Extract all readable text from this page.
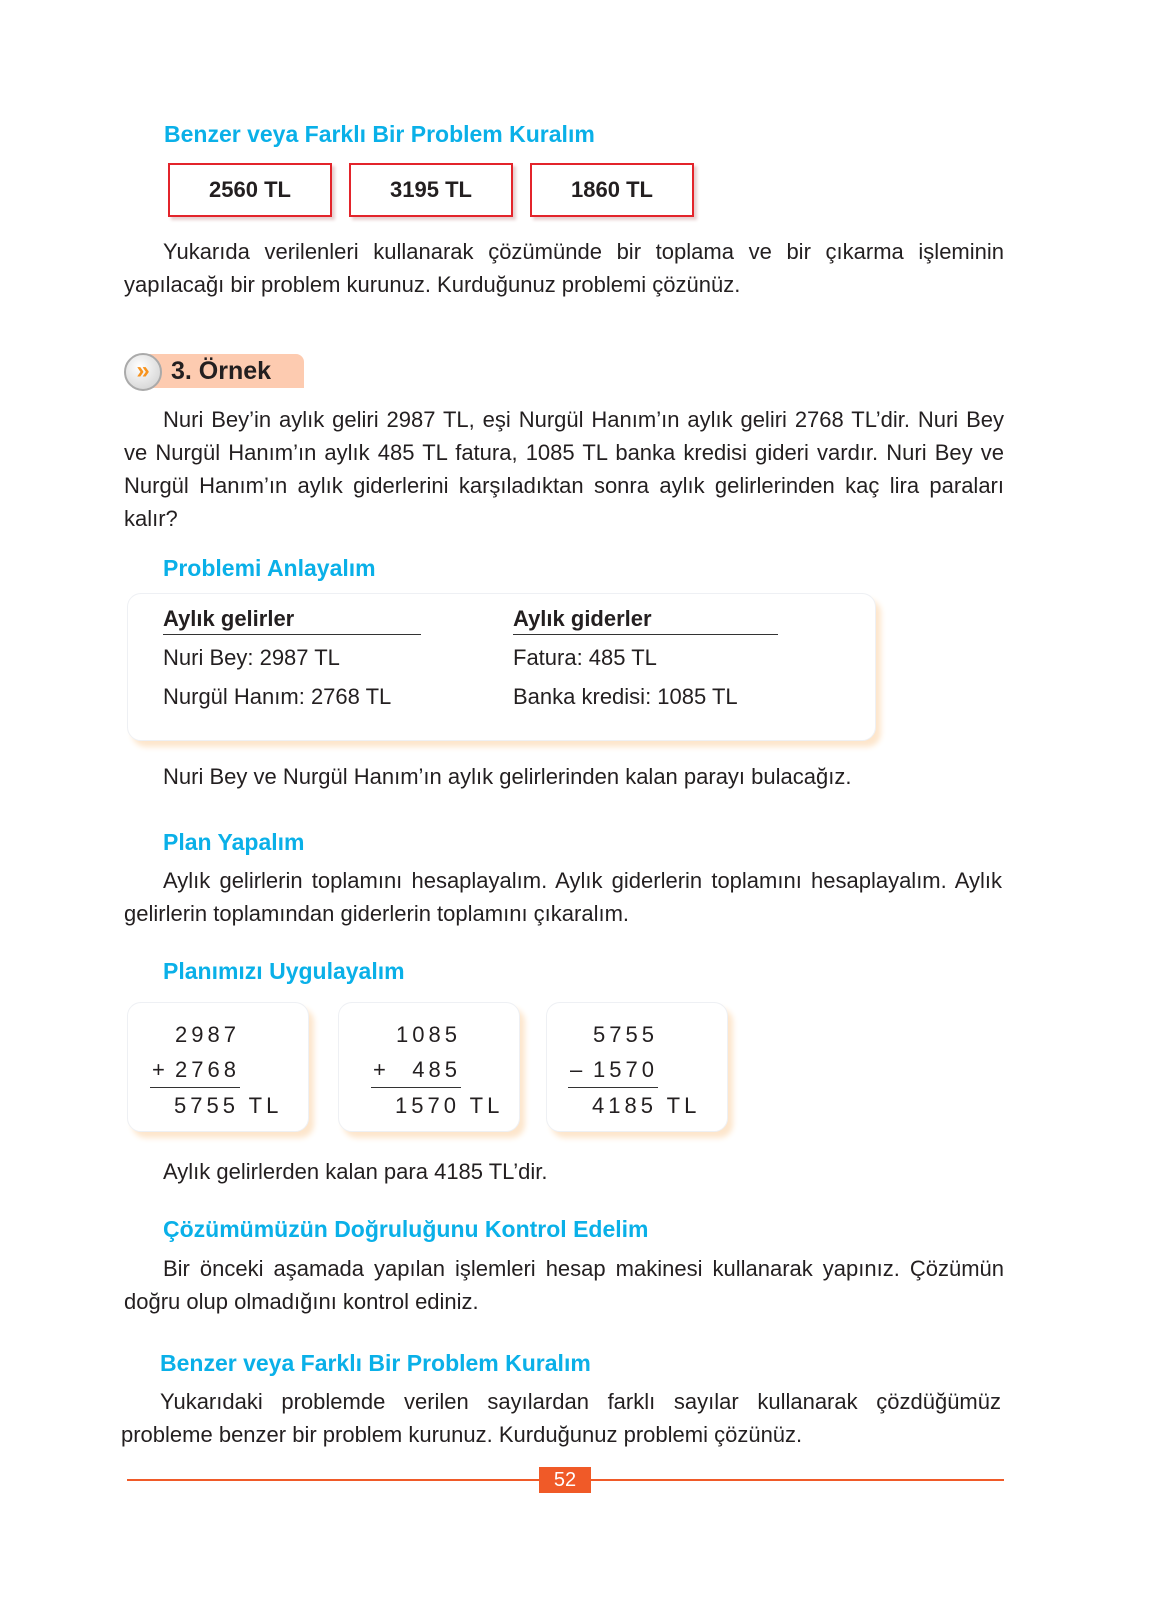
Benzer veya Farklı Bir Problem Kuralım
2560 TL	3195 TL	1860 TL
Yukarıda verilenleri kullanarak çözümünde bir toplama ve bir çıkarma işleminin yapılacağı bir problem kurunuz. Kurduğunuz problemi çözünüz.
» 3. Örnek
Nuri Bey’in aylık geliri 2987 TL, eşi Nurgül Hanım’ın aylık geliri 2768 TL’dir. Nuri Bey ve Nurgül Hanım’ın aylık 485 TL fatura, 1085 TL banka kredisi gideri vardır. Nuri Bey ve Nurgül Hanım’ın aylık giderlerini karşıladıktan sonra aylık gelirlerinden kaç lira paraları kalır?
Problemi Anlayalım
Aylık gelirler
Nuri Bey: 2987 TL
Nurgül Hanım: 2768 TL
Aylık giderler
Fatura: 485 TL
Banka kredisi: 1085 TL
Nuri Bey ve Nurgül Hanım’ın aylık gelirlerinden kalan parayı bulacağız.
Plan Yapalım
Aylık gelirlerin toplamını hesaplayalım. Aylık giderlerin toplamını hesaplayalım. Aylık gelirlerin toplamından giderlerin toplamını çıkaralım.
Planımızı Uygulayalım
2987
+ 2768
5755 TL
1085
+ 485
1570 TL
5755
– 1570
4185 TL
Aylık gelirlerden kalan para 4185 TL’dir.
Çözümümüzün Doğruluğunu Kontrol Edelim
Bir önceki aşamada yapılan işlemleri hesap makinesi kullanarak yapınız. Çözümün doğru olup olmadığını kontrol ediniz.
Benzer veya Farklı Bir Problem Kuralım
Yukarıdaki problemde verilen sayılardan farklı sayılar kullanarak çözdüğümüz probleme benzer bir problem kurunuz. Kurduğunuz problemi çözünüz.
52
